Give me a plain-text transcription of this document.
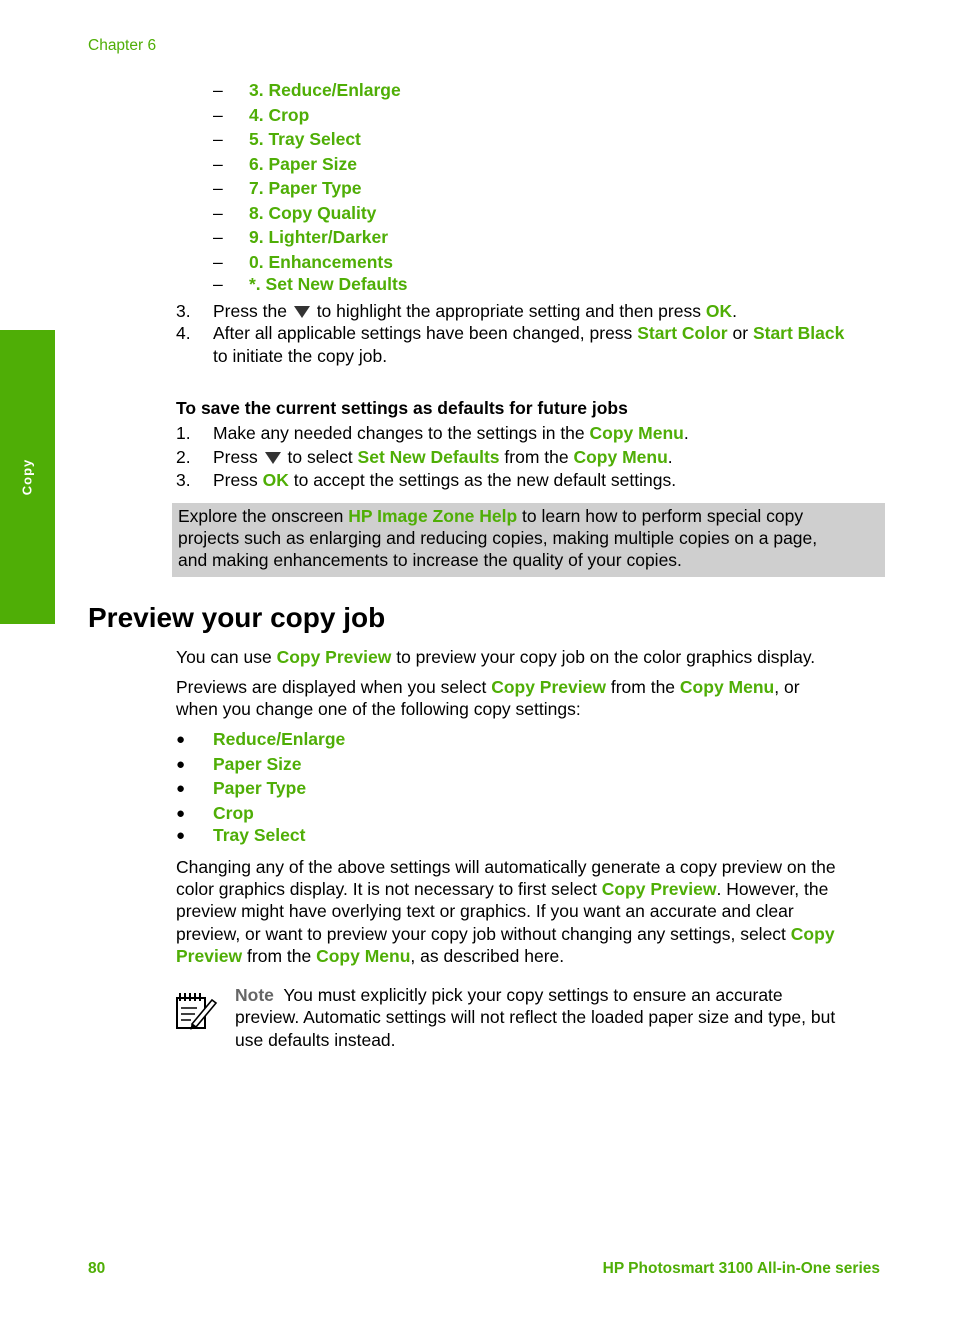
Chapter 6
Copy
– 3. Reduce/Enlarge
– 4. Crop
– 5. Tray Select
– 6. Paper Size
– 7. Paper Type
– 8. Copy Quality
– 9. Lighter/Darker
– 0. Enhancements
– *. Set New Defaults
3. Press the to highlight the appropriate setting and then press OK.
4. After all applicable settings have been changed, press Start Color or Start Black
to initiate the copy job.
To save the current settings as defaults for future jobs
1. Make any needed changes to the settings in the Copy Menu.
2. Press to select Set New Defaults from the Copy Menu.
3. Press OK to accept the settings as the new default settings.
Explore the onscreen HP Image Zone Help to learn how to perform special copy
projects such as enlarging and reducing copies, making multiple copies on a page,
and making enhancements to increase the quality of your copies.
Preview your copy job
You can use Copy Preview to preview your copy job on the color graphics display.
Previews are displayed when you select Copy Preview from the Copy Menu, or
when you change one of the following copy settings:
● Reduce/Enlarge
● Paper Size
● Paper Type
● Crop
● Tray Select
Changing any of the above settings will automatically generate a copy preview on the
color graphics display. It is not necessary to first select Copy Preview. However, the
preview might have overlying text or graphics. If you want an accurate and clear
preview, or want to preview your copy job without changing any settings, select Copy
Preview from the Copy Menu, as described here.
Note You must explicitly pick your copy settings to ensure an accurate
preview. Automatic settings will not reflect the loaded paper size and type, but
use defaults instead.
80	HP Photosmart 3100 All-in-One series
